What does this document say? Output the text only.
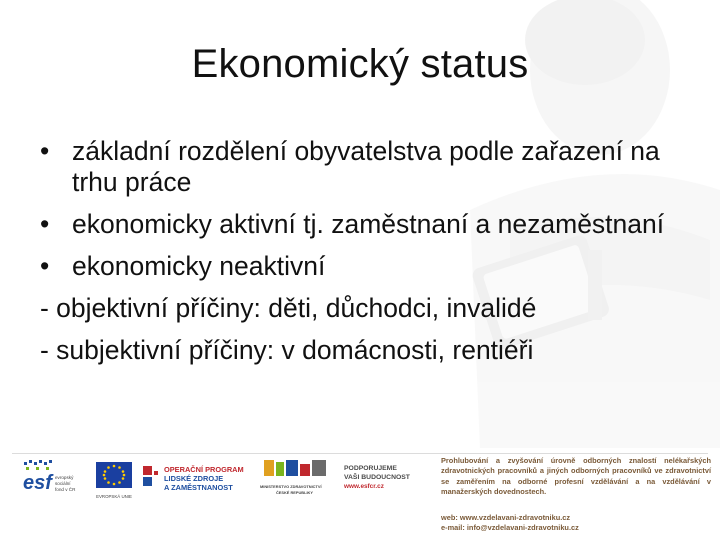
Ekonomický status
• základní rozdělení obyvatelstva podle zařazení na trhu práce
• ekonomicky aktivní tj. zaměstnaní a nezaměstnaní
• ekonomicky neaktivní
- objektivní příčiny: děti, důchodci, invalidé
- subjektivní příčiny: v domácnosti, rentiéři
esf evropský
sociální
fond v ČR
EVROPSKÁ UNIE
OPERAČNÍ PROGRAM
LIDSKÉ ZDROJE
A ZAMĚSTNANOST	MINISTERSTVO ZDRAVOTNICTVÍ
ČESKÉ REPUBLIKY
PODPORUJEME
VAŠI BUDOUCNOST
www.esfcr.cz
Prohlubování a zvyšování úrovně odborných znalostí nelékařských zdravotnických pracovníků a jiných odborných pracovníků ve zdravotnictví se zaměřením na odborné profesní vzdělávání a na vzdělávání v manažerských dovednostech.
web: www.vzdelavani-zdravotniku.cz
e-mail: info@vzdelavani-zdravotniku.cz
